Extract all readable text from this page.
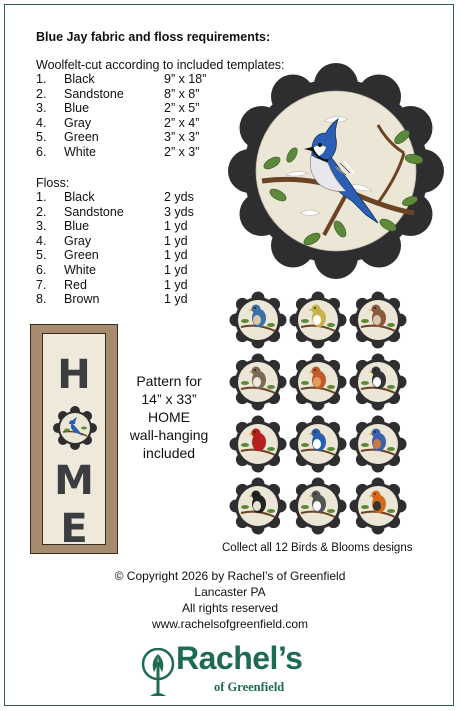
Blue Jay fabric and floss requirements:
Woolfelt-cut according to included templates:
1.	Black	9” x 18”
2.	Sandstone	8” x 8”
3.	Blue	2” x 5”
4.	Gray	2” x 4”
5.	Green	3” x 3”
6.	White	2” x 3”
Floss:
1.	Black	2 yds
2.	Sandstone	3 yds
3.	Blue	1 yd
4.	Gray	1 yd
5.	Green	1 yd
6.	White	1 yd
7.	Red	1 yd
8.	Brown	1 yd
H
M
E
Pattern for
14” x 33”
HOME
wall-hanging
included
Collect all 12 Birds & Blooms designs
© Copyright 2026 by Rachel’s of Greenfield
Lancaster PA
All rights reserved
www.rachelsofgreenfield.com
Rachel’s
of Greenfield
